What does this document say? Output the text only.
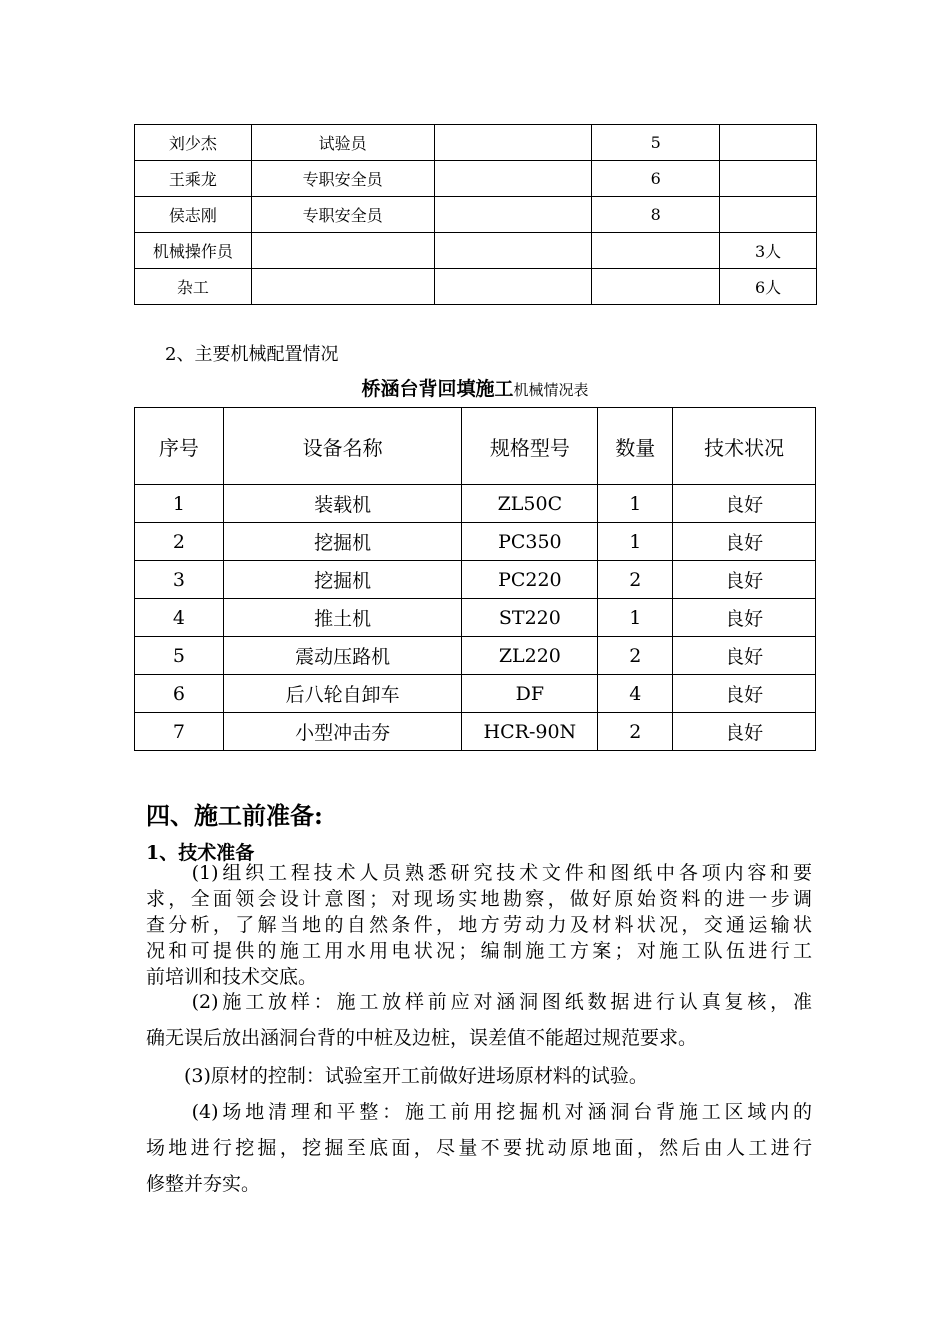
刘少杰	试验员		5	
王乘龙	专职安全员		6	
侯志刚	专职安全员		8	
机械操作员				3人
杂工				6人
2、主要机械配置情况
桥涵台背回填施工机械情况表
序号	设备名称	规格型号	数量	技术状况
1	装载机	ZL50C	1	良好
2	挖掘机	PC350	1	良好
3	挖掘机	PC220	2	良好
4	推土机	ST220	1	良好
5	震动压路机	ZL220	2	良好
6	后八轮自卸车	DF	4	良好
7	小型冲击夯	HCR-90N	2	良好
四、施工前准备:
1、技术准备
　　(1)组织工程技术人员熟悉研究技术文件和图纸中各项内容和要
求，全面领会设计意图；对现场实地勘察，做好原始资料的进一步调
查分析，了解当地的自然条件，地方劳动力及材料状况，交通运输状
况和可提供的施工用水用电状况；编制施工方案；对施工队伍进行工
前培训和技术交底。
　　(2)施工放样：施工放样前应对涵洞图纸数据进行认真复核，准
确无误后放出涵洞台背的中桩及边桩，误差值不能超过规范要求。
　　(3)原材的控制：试验室开工前做好进场原材料的试验。
　　(4)场地清理和平整：施工前用挖掘机对涵洞台背施工区域内的
场地进行挖掘，挖掘至底面，尽量不要扰动原地面，然后由人工进行
修整并夯实。
